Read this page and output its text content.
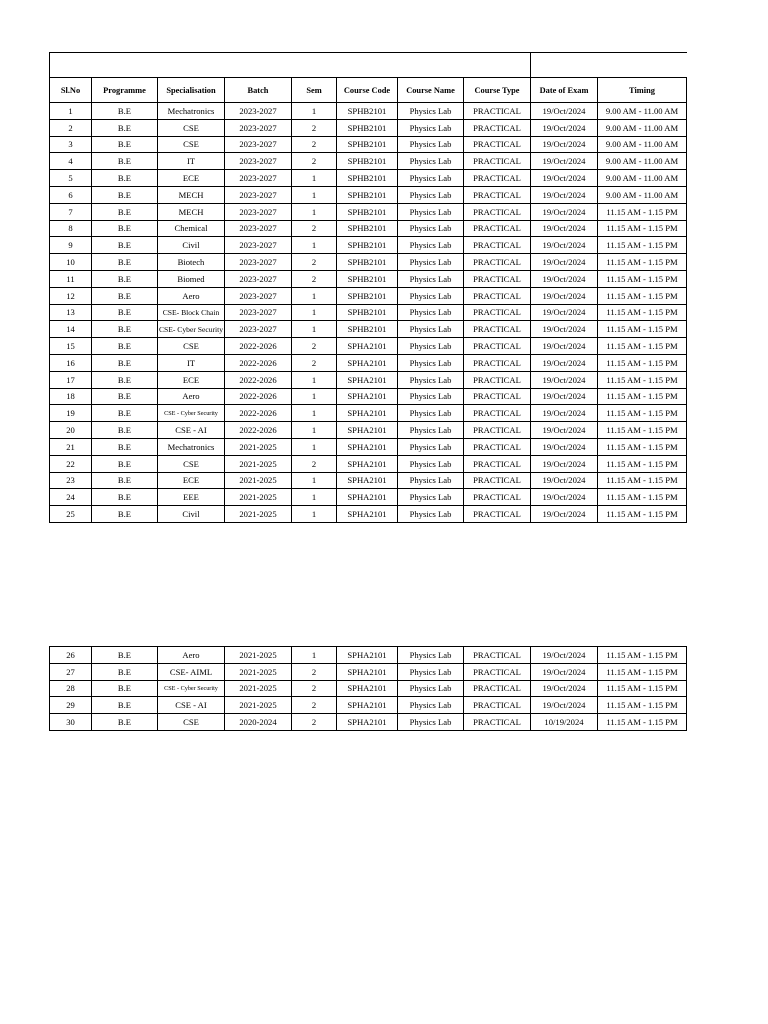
Sl.No	Programme	Specialisation	Batch	Sem	Course Code	Course Name	Course Type	Date of Exam	Timing
1	B.E	Mechatronics	2023-2027	1	SPHB2101	Physics Lab	PRACTICAL	19/Oct/2024	9.00 AM - 11.00 AM
2	B.E	CSE	2023-2027	2	SPHB2101	Physics Lab	PRACTICAL	19/Oct/2024	9.00 AM - 11.00 AM
3	B.E	CSE	2023-2027	2	SPHB2101	Physics Lab	PRACTICAL	19/Oct/2024	9.00 AM - 11.00 AM
4	B.E	IT	2023-2027	2	SPHB2101	Physics Lab	PRACTICAL	19/Oct/2024	9.00 AM - 11.00 AM
5	B.E	ECE	2023-2027	1	SPHB2101	Physics Lab	PRACTICAL	19/Oct/2024	9.00 AM - 11.00 AM
6	B.E	MECH	2023-2027	1	SPHB2101	Physics Lab	PRACTICAL	19/Oct/2024	9.00 AM - 11.00 AM
7	B.E	MECH	2023-2027	1	SPHB2101	Physics Lab	PRACTICAL	19/Oct/2024	11.15 AM - 1.15 PM
8	B.E	Chemical	2023-2027	2	SPHB2101	Physics Lab	PRACTICAL	19/Oct/2024	11.15 AM - 1.15 PM
9	B.E	Civil	2023-2027	1	SPHB2101	Physics Lab	PRACTICAL	19/Oct/2024	11.15 AM - 1.15 PM
10	B.E	Biotech	2023-2027	2	SPHB2101	Physics Lab	PRACTICAL	19/Oct/2024	11.15 AM - 1.15 PM
11	B.E	Biomed	2023-2027	2	SPHB2101	Physics Lab	PRACTICAL	19/Oct/2024	11.15 AM - 1.15 PM
12	B.E	Aero	2023-2027	1	SPHB2101	Physics Lab	PRACTICAL	19/Oct/2024	11.15 AM - 1.15 PM
13	B.E	CSE- Block Chain	2023-2027	1	SPHB2101	Physics Lab	PRACTICAL	19/Oct/2024	11.15 AM - 1.15 PM
14	B.E	CSE- Cyber Security	2023-2027	1	SPHB2101	Physics Lab	PRACTICAL	19/Oct/2024	11.15 AM - 1.15 PM
15	B.E	CSE	2022-2026	2	SPHA2101	Physics Lab	PRACTICAL	19/Oct/2024	11.15 AM - 1.15 PM
16	B.E	IT	2022-2026	2	SPHA2101	Physics Lab	PRACTICAL	19/Oct/2024	11.15 AM - 1.15 PM
17	B.E	ECE	2022-2026	1	SPHA2101	Physics Lab	PRACTICAL	19/Oct/2024	11.15 AM - 1.15 PM
18	B.E	Aero	2022-2026	1	SPHA2101	Physics Lab	PRACTICAL	19/Oct/2024	11.15 AM - 1.15 PM
19	B.E	CSE - Cyber Security	2022-2026	1	SPHA2101	Physics Lab	PRACTICAL	19/Oct/2024	11.15 AM - 1.15 PM
20	B.E	CSE - AI	2022-2026	1	SPHA2101	Physics Lab	PRACTICAL	19/Oct/2024	11.15 AM - 1.15 PM
21	B.E	Mechatronics	2021-2025	1	SPHA2101	Physics Lab	PRACTICAL	19/Oct/2024	11.15 AM - 1.15 PM
22	B.E	CSE	2021-2025	2	SPHA2101	Physics Lab	PRACTICAL	19/Oct/2024	11.15 AM - 1.15 PM
23	B.E	ECE	2021-2025	1	SPHA2101	Physics Lab	PRACTICAL	19/Oct/2024	11.15 AM - 1.15 PM
24	B.E	EEE	2021-2025	1	SPHA2101	Physics Lab	PRACTICAL	19/Oct/2024	11.15 AM - 1.15 PM
25	B.E	Civil	2021-2025	1	SPHA2101	Physics Lab	PRACTICAL	19/Oct/2024	11.15 AM - 1.15 PM
26	B.E	Aero	2021-2025	1	SPHA2101	Physics Lab	PRACTICAL	19/Oct/2024	11.15 AM - 1.15 PM
27	B.E	CSE- AIML	2021-2025	2	SPHA2101	Physics Lab	PRACTICAL	19/Oct/2024	11.15 AM - 1.15 PM
28	B.E	CSE - Cyber Security	2021-2025	2	SPHA2101	Physics Lab	PRACTICAL	19/Oct/2024	11.15 AM - 1.15 PM
29	B.E	CSE - AI	2021-2025	2	SPHA2101	Physics Lab	PRACTICAL	19/Oct/2024	11.15 AM - 1.15 PM
30	B.E	CSE	2020-2024	2	SPHA2101	Physics Lab	PRACTICAL	10/19/2024	11.15 AM - 1.15 PM
